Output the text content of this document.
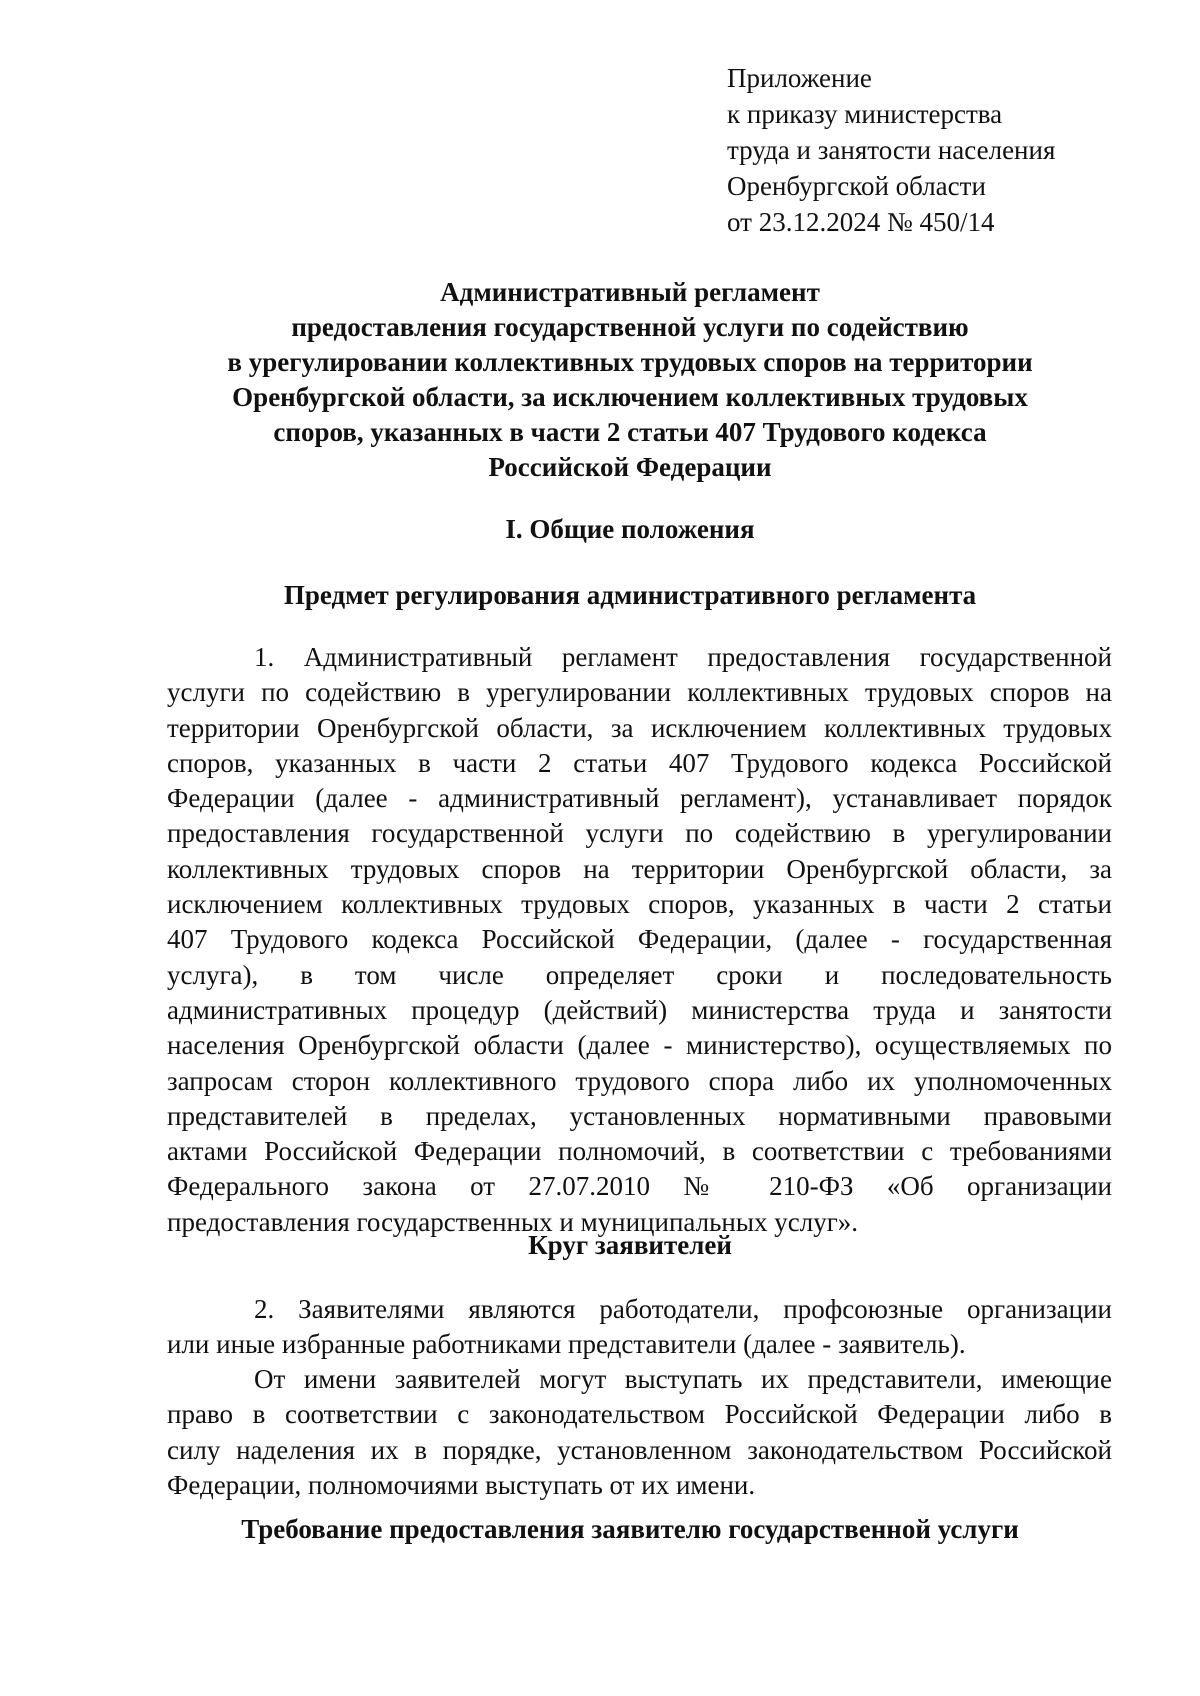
Приложение
к приказу министерства
труда и занятости населения
Оренбургской области
от 23.12.2024 № 450/14
Административный регламент
предоставления государственной услуги по содействию
в урегулировании коллективных трудовых споров на территории
Оренбургской области, за исключением коллективных трудовых
споров, указанных в части 2 статьи 407 Трудового кодекса
Российской Федерации
I. Общие положения
Предмет регулирования административного регламента
1. Административный регламент предоставления государственной
услуги по содействию в урегулировании коллективных трудовых споров на
территории Оренбургской области, за исключением коллективных трудовых
споров, указанных в части 2 статьи 407 Трудового кодекса Российской
Федерации (далее - административный регламент), устанавливает порядок
предоставления государственной услуги по содействию в урегулировании
коллективных трудовых споров на территории Оренбургской области, за
исключением коллективных трудовых споров, указанных в части 2 статьи
407 Трудового кодекса Российской Федерации, (далее - государственная
услуга), в том числе определяет сроки и последовательность
административных процедур (действий) министерства труда и занятости
населения Оренбургской области (далее - министерство), осуществляемых по
запросам сторон коллективного трудового спора либо их уполномоченных
представителей в пределах, установленных нормативными правовыми
актами Российской Федерации полномочий, в соответствии с требованиями
Федерального закона от 27.07.2010 № 210-ФЗ «Об организации
предоставления государственных и муниципальных услуг».
Круг заявителей
2. Заявителями являются работодатели, профсоюзные организации
или иные избранные работниками представители (далее - заявитель).
От имени заявителей могут выступать их представители, имеющие
право в соответствии с законодательством Российской Федерации либо в
силу наделения их в порядке, установленном законодательством Российской
Федерации, полномочиями выступать от их имени.
Требование предоставления заявителю государственной услуги
